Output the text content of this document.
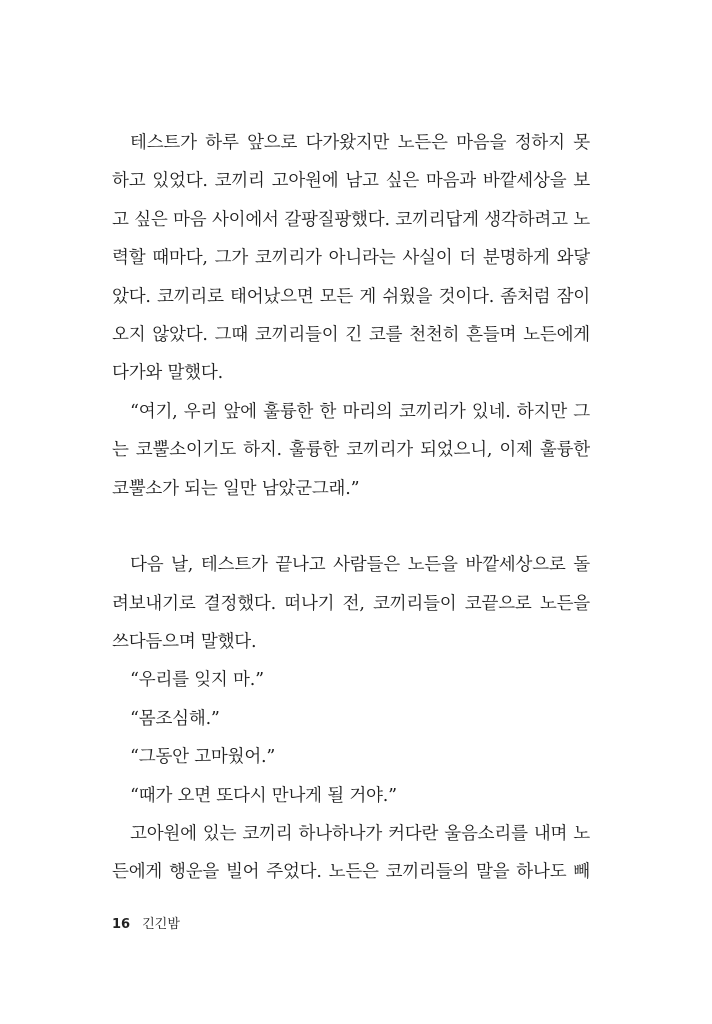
테스트가 하루 앞으로 다가왔지만 노든은 마음을 정하지 못
하고 있었다. 코끼리 고아원에 남고 싶은 마음과 바깥세상을 보
고 싶은 마음 사이에서 갈팡질팡했다. 코끼리답게 생각하려고 노
력할 때마다, 그가 코끼리가 아니라는 사실이 더 분명하게 와닿
았다. 코끼리로 태어났으면 모든 게 쉬웠을 것이다. 좀처럼 잠이
오지 않았다. 그때 코끼리들이 긴 코를 천천히 흔들며 노든에게
다가와 말했다.
“여기, 우리 앞에 훌륭한 한 마리의 코끼리가 있네. 하지만 그
는 코뿔소이기도 하지. 훌륭한 코끼리가 되었으니, 이제 훌륭한
코뿔소가 되는 일만 남았군그래.”
다음 날, 테스트가 끝나고 사람들은 노든을 바깥세상으로 돌
려보내기로 결정했다. 떠나기 전, 코끼리들이 코끝으로 노든을
쓰다듬으며 말했다.
“우리를 잊지 마.”
“몸조심해.”
“그동안 고마웠어.”
“때가 오면 또다시 만나게 될 거야.”
고아원에 있는 코끼리 하나하나가 커다란 울음소리를 내며 노
든에게 행운을 빌어 주었다. 노든은 코끼리들의 말을 하나도 빼
16 긴긴밤
